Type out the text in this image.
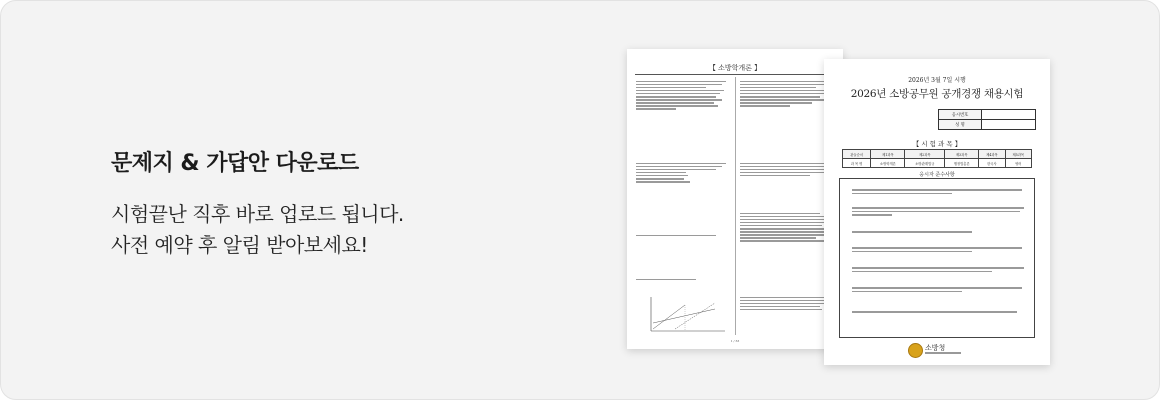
문제지 & 가답안 다운로드
시험끝난 직후 바로 업로드 됩니다.
사전 예약 후 알림 받아보세요!
【 소방학개론 】
1 / 33
2026년 3월 7일 시행
2026년 소방공무원 공개경쟁 채용시험
응시번호	
성 명	
【 시 험 과 목 】
관들순서	제1과목	제2과목	제3과목	제4과목	제5과목
과 목 명	소방학개론	소방관계법규	행정법총론	한국사	영어
응시자 준수사항
소방청
